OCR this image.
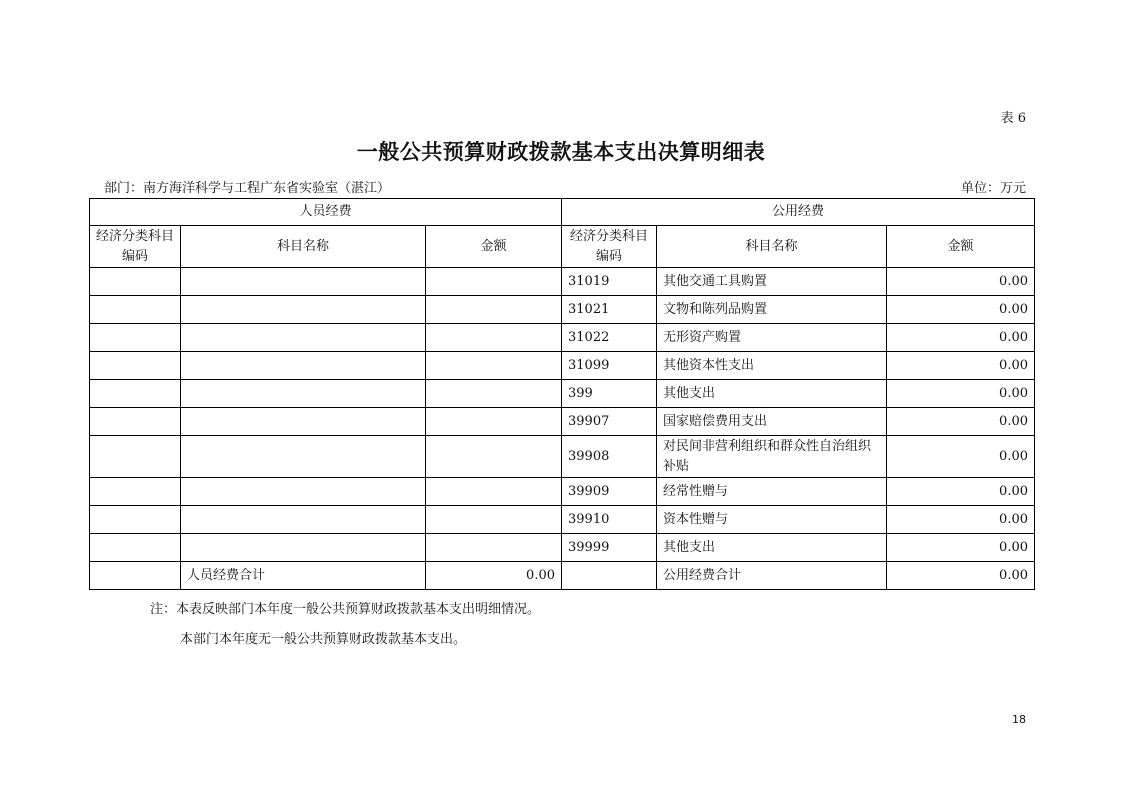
表 6
一般公共预算财政拨款基本支出决算明细表
部门：南方海洋科学与工程广东省实验室（湛江）	单位：万元
人员经费			公用经费		
经济分类科目编码	科目名称	金额	经济分类科目编码	科目名称	金额
			31019	其他交通工具购置	0.00
			31021	文物和陈列品购置	0.00
			31022	无形资产购置	0.00
			31099	其他资本性支出	0.00
			399	其他支出	0.00
			39907	国家赔偿费用支出	0.00
			39908	对民间非营利组织和群众性自治组织补贴	0.00
			39909	经常性赠与	0.00
			39910	资本性赠与	0.00
			39999	其他支出	0.00
	人员经费合计	0.00		公用经费合计	0.00
注：本表反映部门本年度一般公共预算财政拨款基本支出明细情况。
本部门本年度无一般公共预算财政拨款基本支出。
18
